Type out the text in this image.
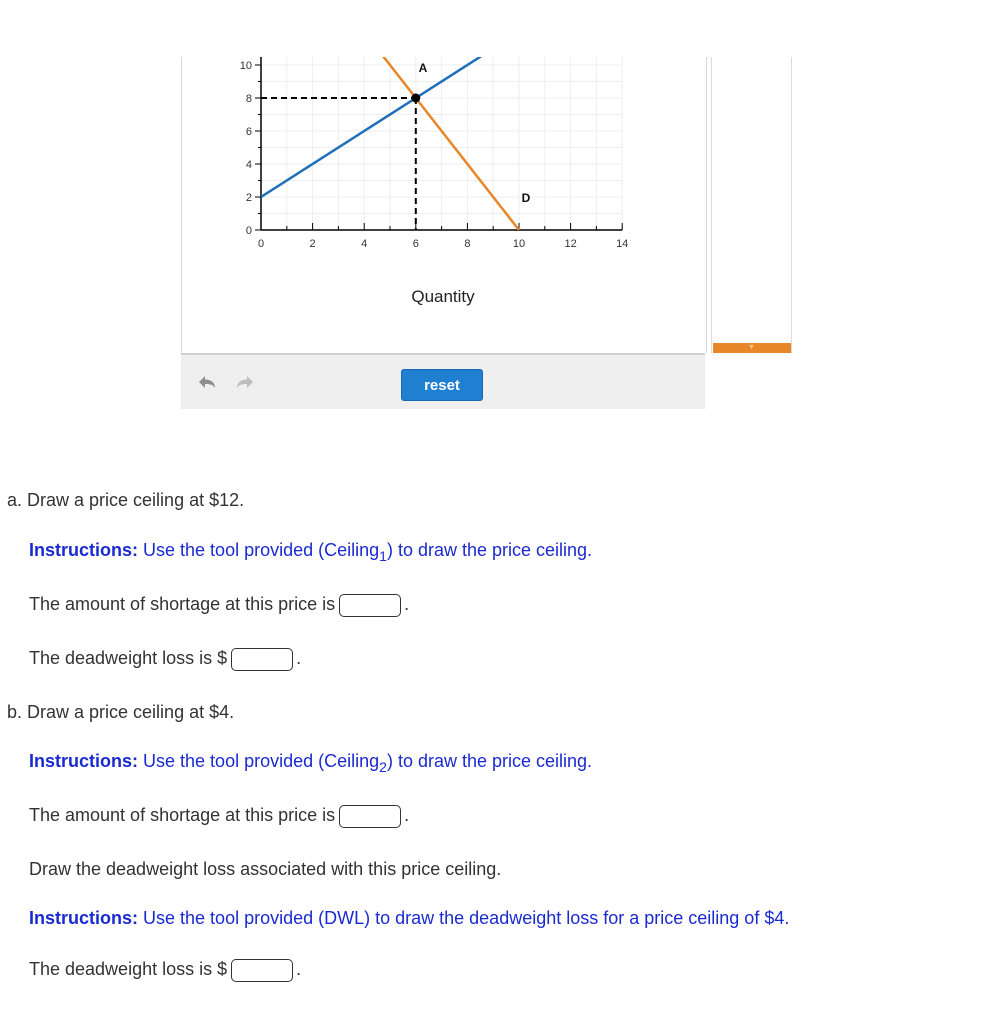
10
8
6
4
2
0
0	2	4	6	8	10	12	14
Quantity
A
D
reset
▼
a. Draw a price ceiling at $12.
Instructions: Use the tool provided (Ceiling$_1$) to draw the price ceiling.
The amount of shortage at this price is	.
The deadweight loss is $	.
b. Draw a price ceiling at $4.
Instructions: Use the tool provided (Ceiling$_2$) to draw the price ceiling.
The amount of shortage at this price is	.
Draw the deadweight loss associated with this price ceiling.
Instructions: Use the tool provided (DWL) to draw the deadweight loss for a price ceiling of $4.
The deadweight loss is $	.
